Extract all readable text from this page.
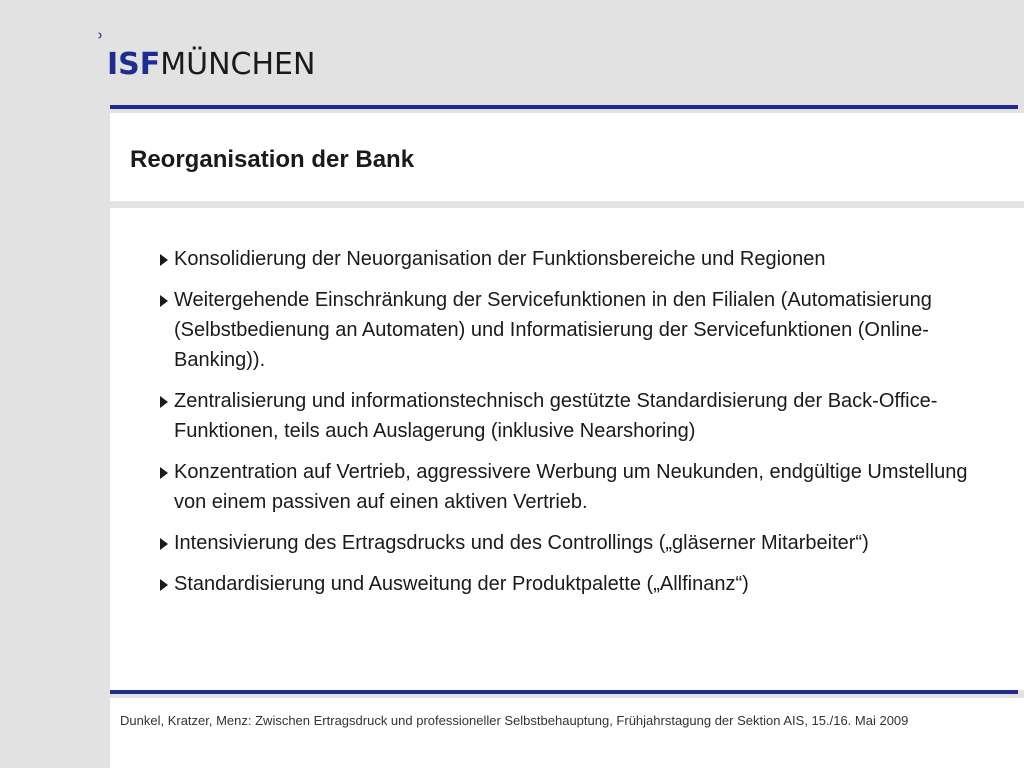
ʾ
ISF MÜNCHEN
Reorganisation der Bank
Konsolidierung der Neuorganisation der Funktionsbereiche und Regionen
Weitergehende Einschränkung der Servicefunktionen in den Filialen (Automatisierung (Selbstbedienung an Automaten) und Informatisierung der Servicefunktionen (Online-Banking)).
Zentralisierung und informationstechnisch gestützte Standardisierung der Back-Office-Funktionen, teils auch Auslagerung (inklusive Nearshoring)
Konzentration auf Vertrieb, aggressivere Werbung um Neukunden, endgültige Umstellung von einem passiven auf einen aktiven Vertrieb.
Intensivierung des Ertragsdrucks und des Controllings („gläserner Mitarbeiter“)
Standardisierung und Ausweitung der Produktpalette („Allfinanz“)
Dunkel, Kratzer, Menz: Zwischen Ertragsdruck und professioneller Selbstbehauptung, Frühjahrstagung der Sektion AIS, 15./16. Mai 2009
